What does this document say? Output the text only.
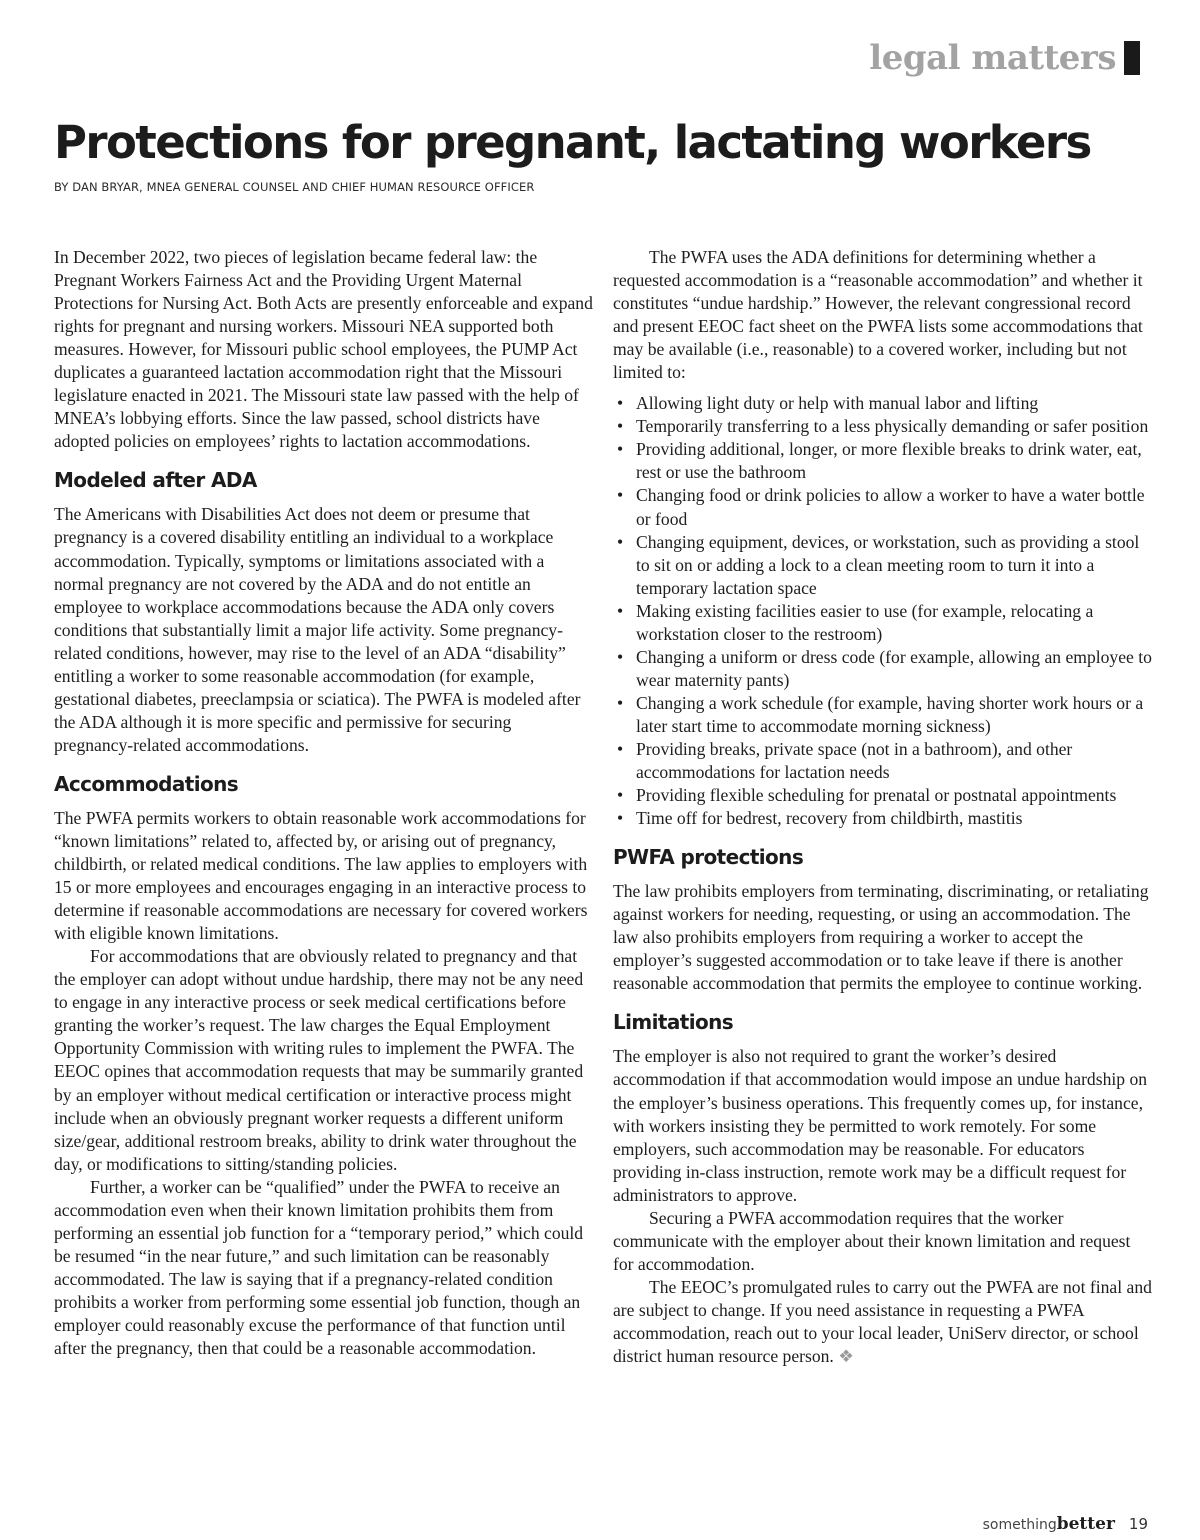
legal matters
Protections for pregnant, lactating workers
BY DAN BRYAR, MNEA GENERAL COUNSEL AND CHIEF HUMAN RESOURCE OFFICER

In December 2022, two pieces of legislation became federal law: the Pregnant Workers Fairness Act and the Providing Urgent Maternal Protections for Nursing Act. Both Acts are presently enforceable and expand rights for pregnant and nursing workers. Missouri NEA supported both measures. However, for Missouri public school employees, the PUMP Act duplicates a guaranteed lactation accommodation right that the Missouri legislature enacted in 2021. The Missouri state law passed with the help of MNEA’s lobbying efforts. Since the law passed, school districts have adopted policies on employees’ rights to lactation accommodations.

Modeled after ADA

The Americans with Disabilities Act does not deem or presume that pregnancy is a covered disability entitling an individual to a workplace accommodation. Typically, symptoms or limitations associated with a normal pregnancy are not covered by the ADA and do not entitle an employee to workplace accommodations because the ADA only covers conditions that substantially limit a major life activity. Some pregnancy-related conditions, however, may rise to the level of an ADA “disability” entitling a worker to some reasonable accommodation (for example, gestational diabetes, preeclampsia or sciatica). The PWFA is modeled after the ADA although it is more specific and permissive for securing pregnancy-related accommodations.

Accommodations

The PWFA permits workers to obtain reasonable work accommodations for “known limitations” related to, affected by, or arising out of pregnancy, childbirth, or related medical conditions. The law applies to employers with 15 or more employees and encourages engaging in an interactive process to determine if reasonable accommodations are necessary for covered workers with eligible known limitations.

For accommodations that are obviously related to pregnancy and that the employer can adopt without undue hardship, there may not be any need to engage in any interactive process or seek medical certifications before granting the worker’s request. The law charges the Equal Employment Opportunity Commission with writing rules to implement the PWFA. The EEOC opines that accommodation requests that may be summarily granted by an employer without medical certification or interactive process might include when an obviously pregnant worker requests a different uniform size/gear, additional restroom breaks, ability to drink water throughout the day, or modifications to sitting/standing policies.

Further, a worker can be “qualified” under the PWFA to receive an accommodation even when their known limitation prohibits them from performing an essential job function for a “temporary period,” which could be resumed “in the near future,” and such limitation can be reasonably accommodated. The law is saying that if a pregnancy-related condition prohibits a worker from performing some essential job function, though an employer could reasonably excuse the performance of that function until after the pregnancy, then that could be a reasonable accommodation.

The PWFA uses the ADA definitions for determining whether a requested accommodation is a “reasonable accommodation” and whether it constitutes “undue hardship.” However, the relevant congressional record and present EEOC fact sheet on the PWFA lists some accommodations that may be available (i.e., reasonable) to a covered worker, including but not limited to:

• Allowing light duty or help with manual labor and lifting
• Temporarily transferring to a less physically demanding or safer position
• Providing additional, longer, or more flexible breaks to drink water, eat, rest or use the bathroom
• Changing food or drink policies to allow a worker to have a water bottle or food
• Changing equipment, devices, or workstation, such as providing a stool to sit on or adding a lock to a clean meeting room to turn it into a temporary lactation space
• Making existing facilities easier to use (for example, relocating a workstation closer to the restroom)
• Changing a uniform or dress code (for example, allowing an employee to wear maternity pants)
• Changing a work schedule (for example, having shorter work hours or a later start time to accommodate morning sickness)
• Providing breaks, private space (not in a bathroom), and other accommodations for lactation needs
• Providing flexible scheduling for prenatal or postnatal appointments
• Time off for bedrest, recovery from childbirth, mastitis
PWFA protections

The law prohibits employers from terminating, discriminating, or retaliating against workers for needing, requesting, or using an accommodation. The law also prohibits employers from requiring a worker to accept the employer’s suggested accommodation or to take leave if there is another reasonable accommodation that permits the employee to continue working.

Limitations

The employer is also not required to grant the worker’s desired accommodation if that accommodation would impose an undue hardship on the employer’s business operations. This frequently comes up, for instance, with workers insisting they be permitted to work remotely. For some employers, such accommodation may be reasonable. For educators providing in-class instruction, remote work may be a difficult request for administrators to approve.

Securing a PWFA accommodation requires that the worker communicate with the employer about their known limitation and request for accommodation.

The EEOC’s promulgated rules to carry out the PWFA are not final and are subject to change. If you need assistance in requesting a PWFA accommodation, reach out to your local leader, UniServ director, or school district human resource person. ❖

somethingbetter 19
